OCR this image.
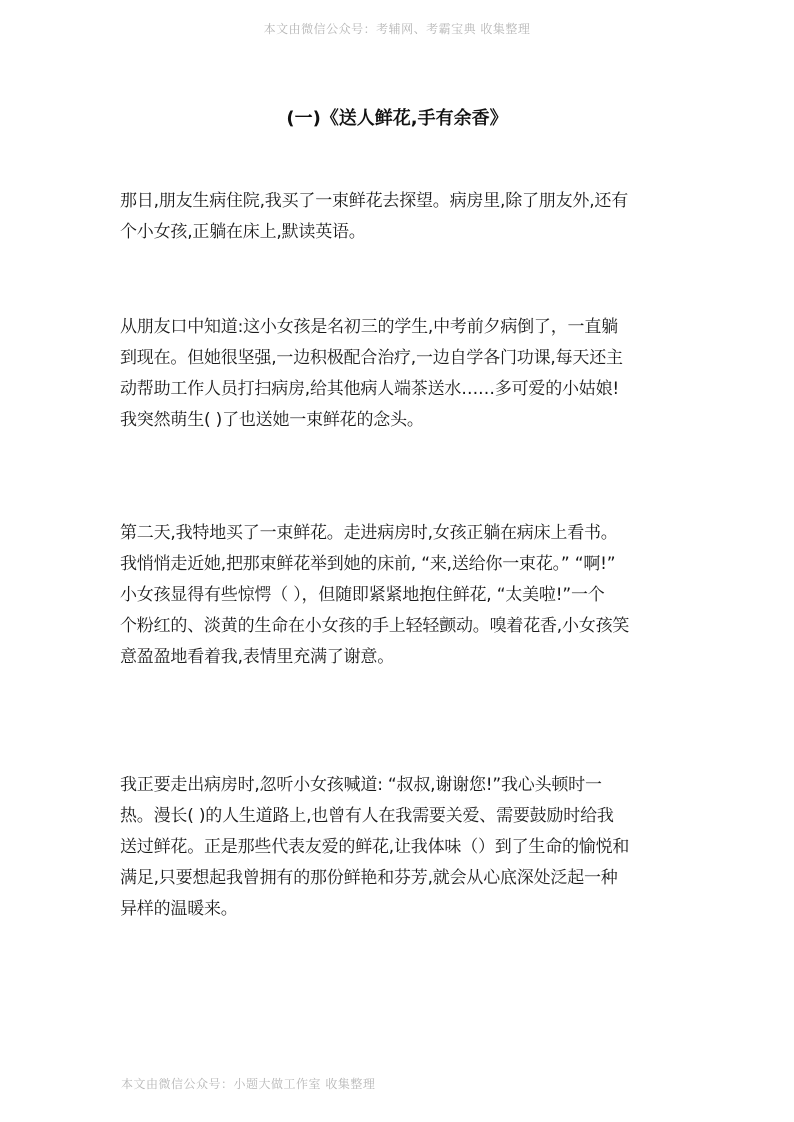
本文由微信公众号：考辅网、考霸宝典 收集整理
(一)《送人鲜花,手有余香》
那日,朋友生病住院,我买了一束鲜花去探望。病房里,除了朋友外,还有
个小女孩,正躺在床上,默读英语。
从朋友口中知道:这小女孩是名初三的学生,中考前夕病倒了，一直躺
到现在。但她很坚强,一边积极配合治疗,一边自学各门功课,每天还主
动帮助工作人员打扫病房,给其他病人端茶送水……多可爱的小姑娘!
我突然萌生( )了也送她一束鲜花的念头。
第二天,我特地买了一束鲜花。走进病房时,女孩正躺在病床上看书。
我悄悄走近她,把那束鲜花举到她的床前, “来,送给你一束花。” “啊!”
小女孩显得有些惊愕（ ），但随即紧紧地抱住鲜花, “太美啦!”一个
个粉红的、淡黄的生命在小女孩的手上轻轻颤动。嗅着花香,小女孩笑
意盈盈地看着我,表情里充满了谢意。
我正要走出病房时,忽听小女孩喊道: “叔叔,谢谢您!”我心头顿时一
热。漫长( )的人生道路上,也曾有人在我需要关爱、需要鼓励时给我
送过鲜花。正是那些代表友爱的鲜花,让我体味（）到了生命的愉悦和
满足,只要想起我曾拥有的那份鲜艳和芬芳,就会从心底深处泛起一种
异样的温暖来。
本文由微信公众号：小题大做工作室 收集整理
